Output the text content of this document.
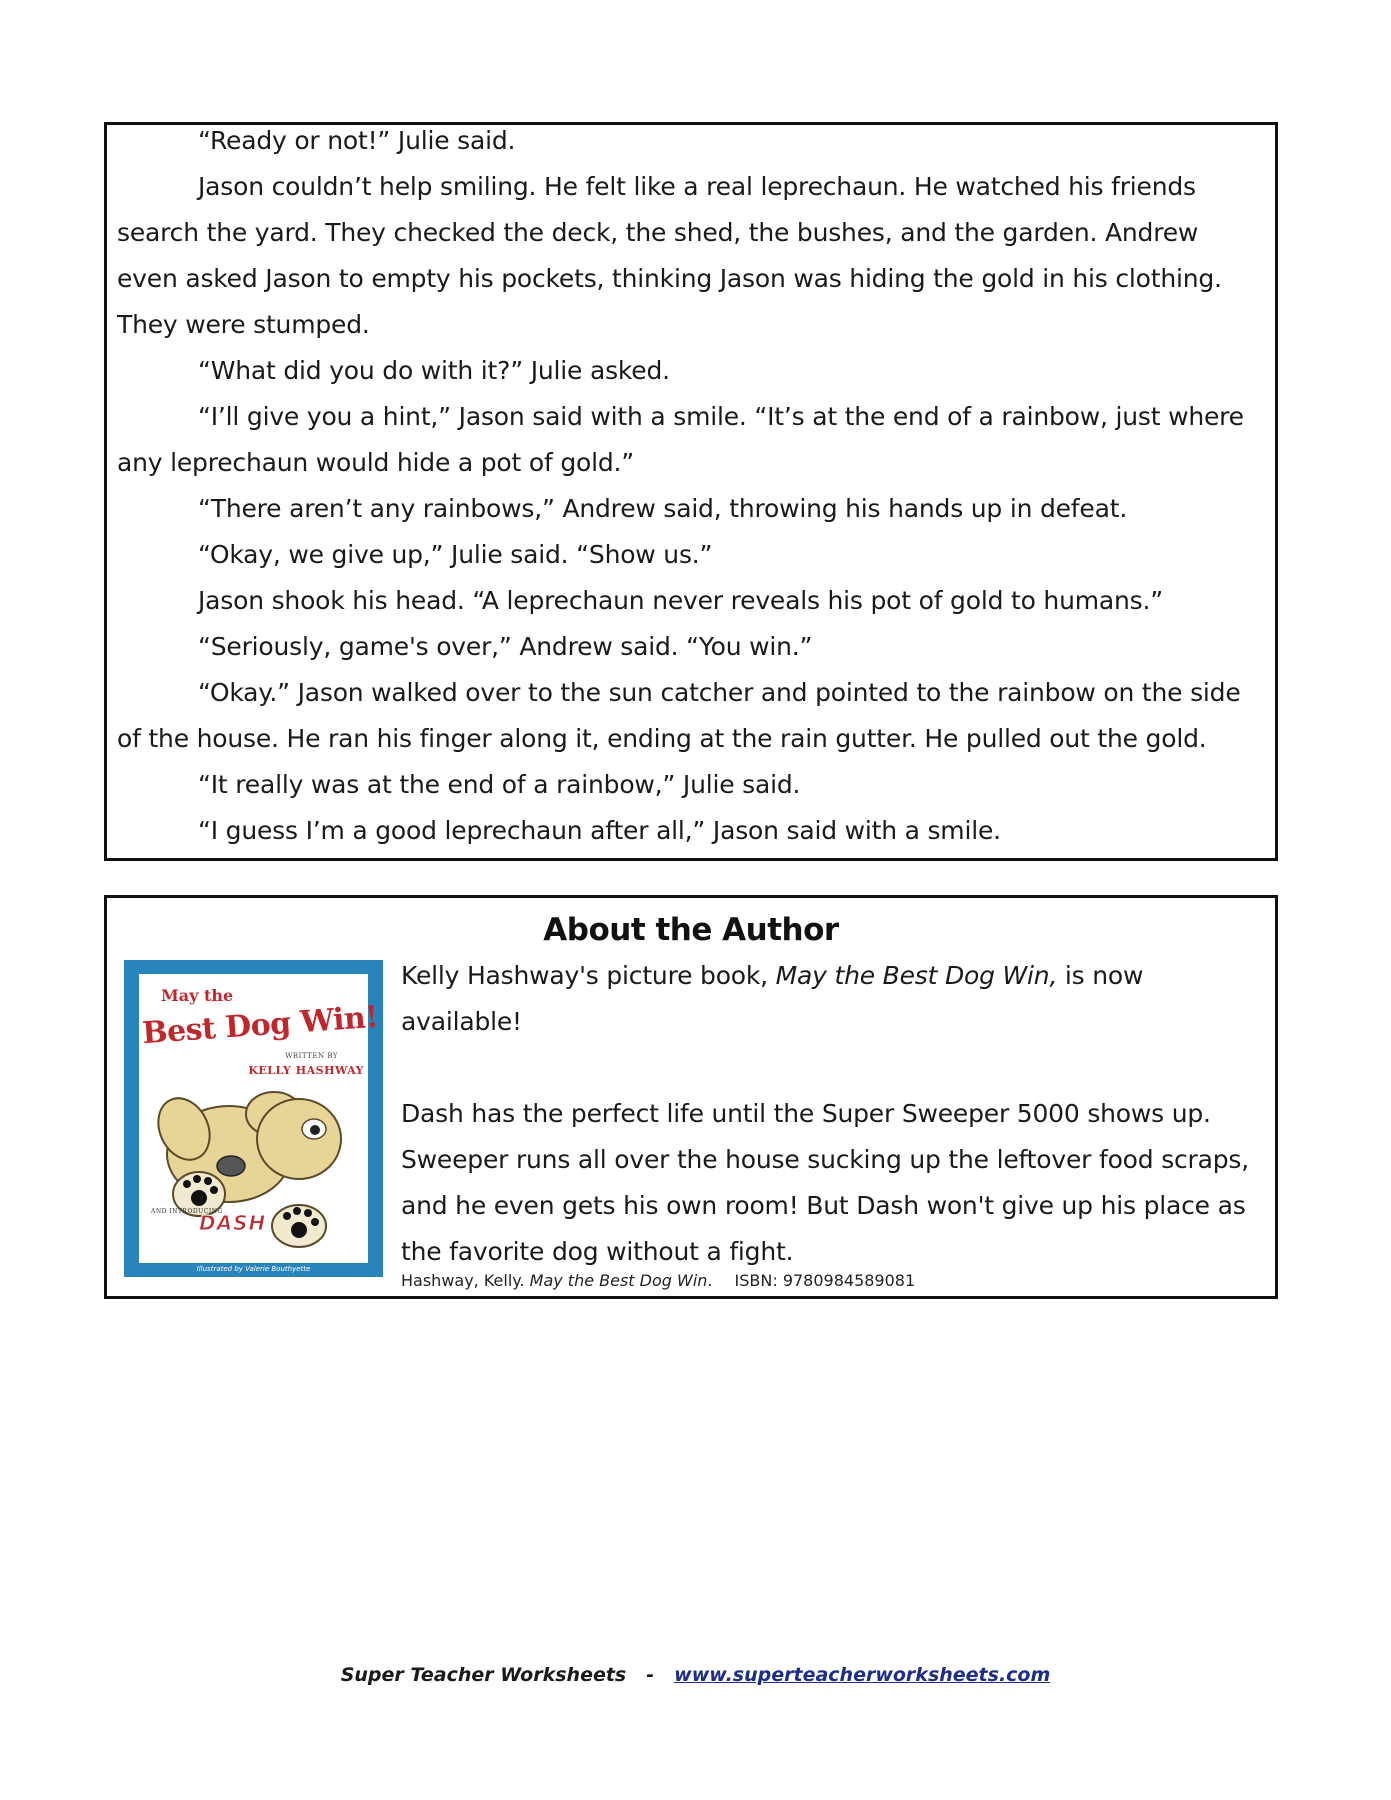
“Ready or not!” Julie said.

Jason couldn’t help smiling. He felt like a real leprechaun. He watched his friends search the yard. They checked the deck, the shed, the bushes, and the garden. Andrew even asked Jason to empty his pockets, thinking Jason was hiding the gold in his clothing. They were stumped.

“What did you do with it?” Julie asked.

“I’ll give you a hint,” Jason said with a smile. “It’s at the end of a rainbow, just where any leprechaun would hide a pot of gold.”

“There aren’t any rainbows,” Andrew said, throwing his hands up in defeat.

“Okay, we give up,” Julie said. “Show us.”

Jason shook his head. “A leprechaun never reveals his pot of gold to humans.”

“Seriously, game's over,” Andrew said. “You win.”

“Okay.” Jason walked over to the sun catcher and pointed to the rainbow on the side of the house. He ran his finger along it, ending at the rain gutter. He pulled out the gold.

“It really was at the end of a rainbow,” Julie said.

“I guess I’m a good leprechaun after all,” Jason said with a smile.

About the Author
May the
Best Dog Win!
WRITTEN BY
KELLY HASHWAY
AND INTRODUCING
DASH
Illustrated by Valerie Bouthyette

Kelly Hashway's picture book, May the Best Dog Win, is now available!

Dash has the perfect life until the Super Sweeper 5000 shows up. Sweeper runs all over the house sucking up the leftover food scraps, and he even gets his own room! But Dash won't give up his place as the favorite dog without a fight.

Hashway, Kelly. May the Best Dog Win. ISBN: 9780984589081
Super Teacher Worksheets - www.superteacherworksheets.com
